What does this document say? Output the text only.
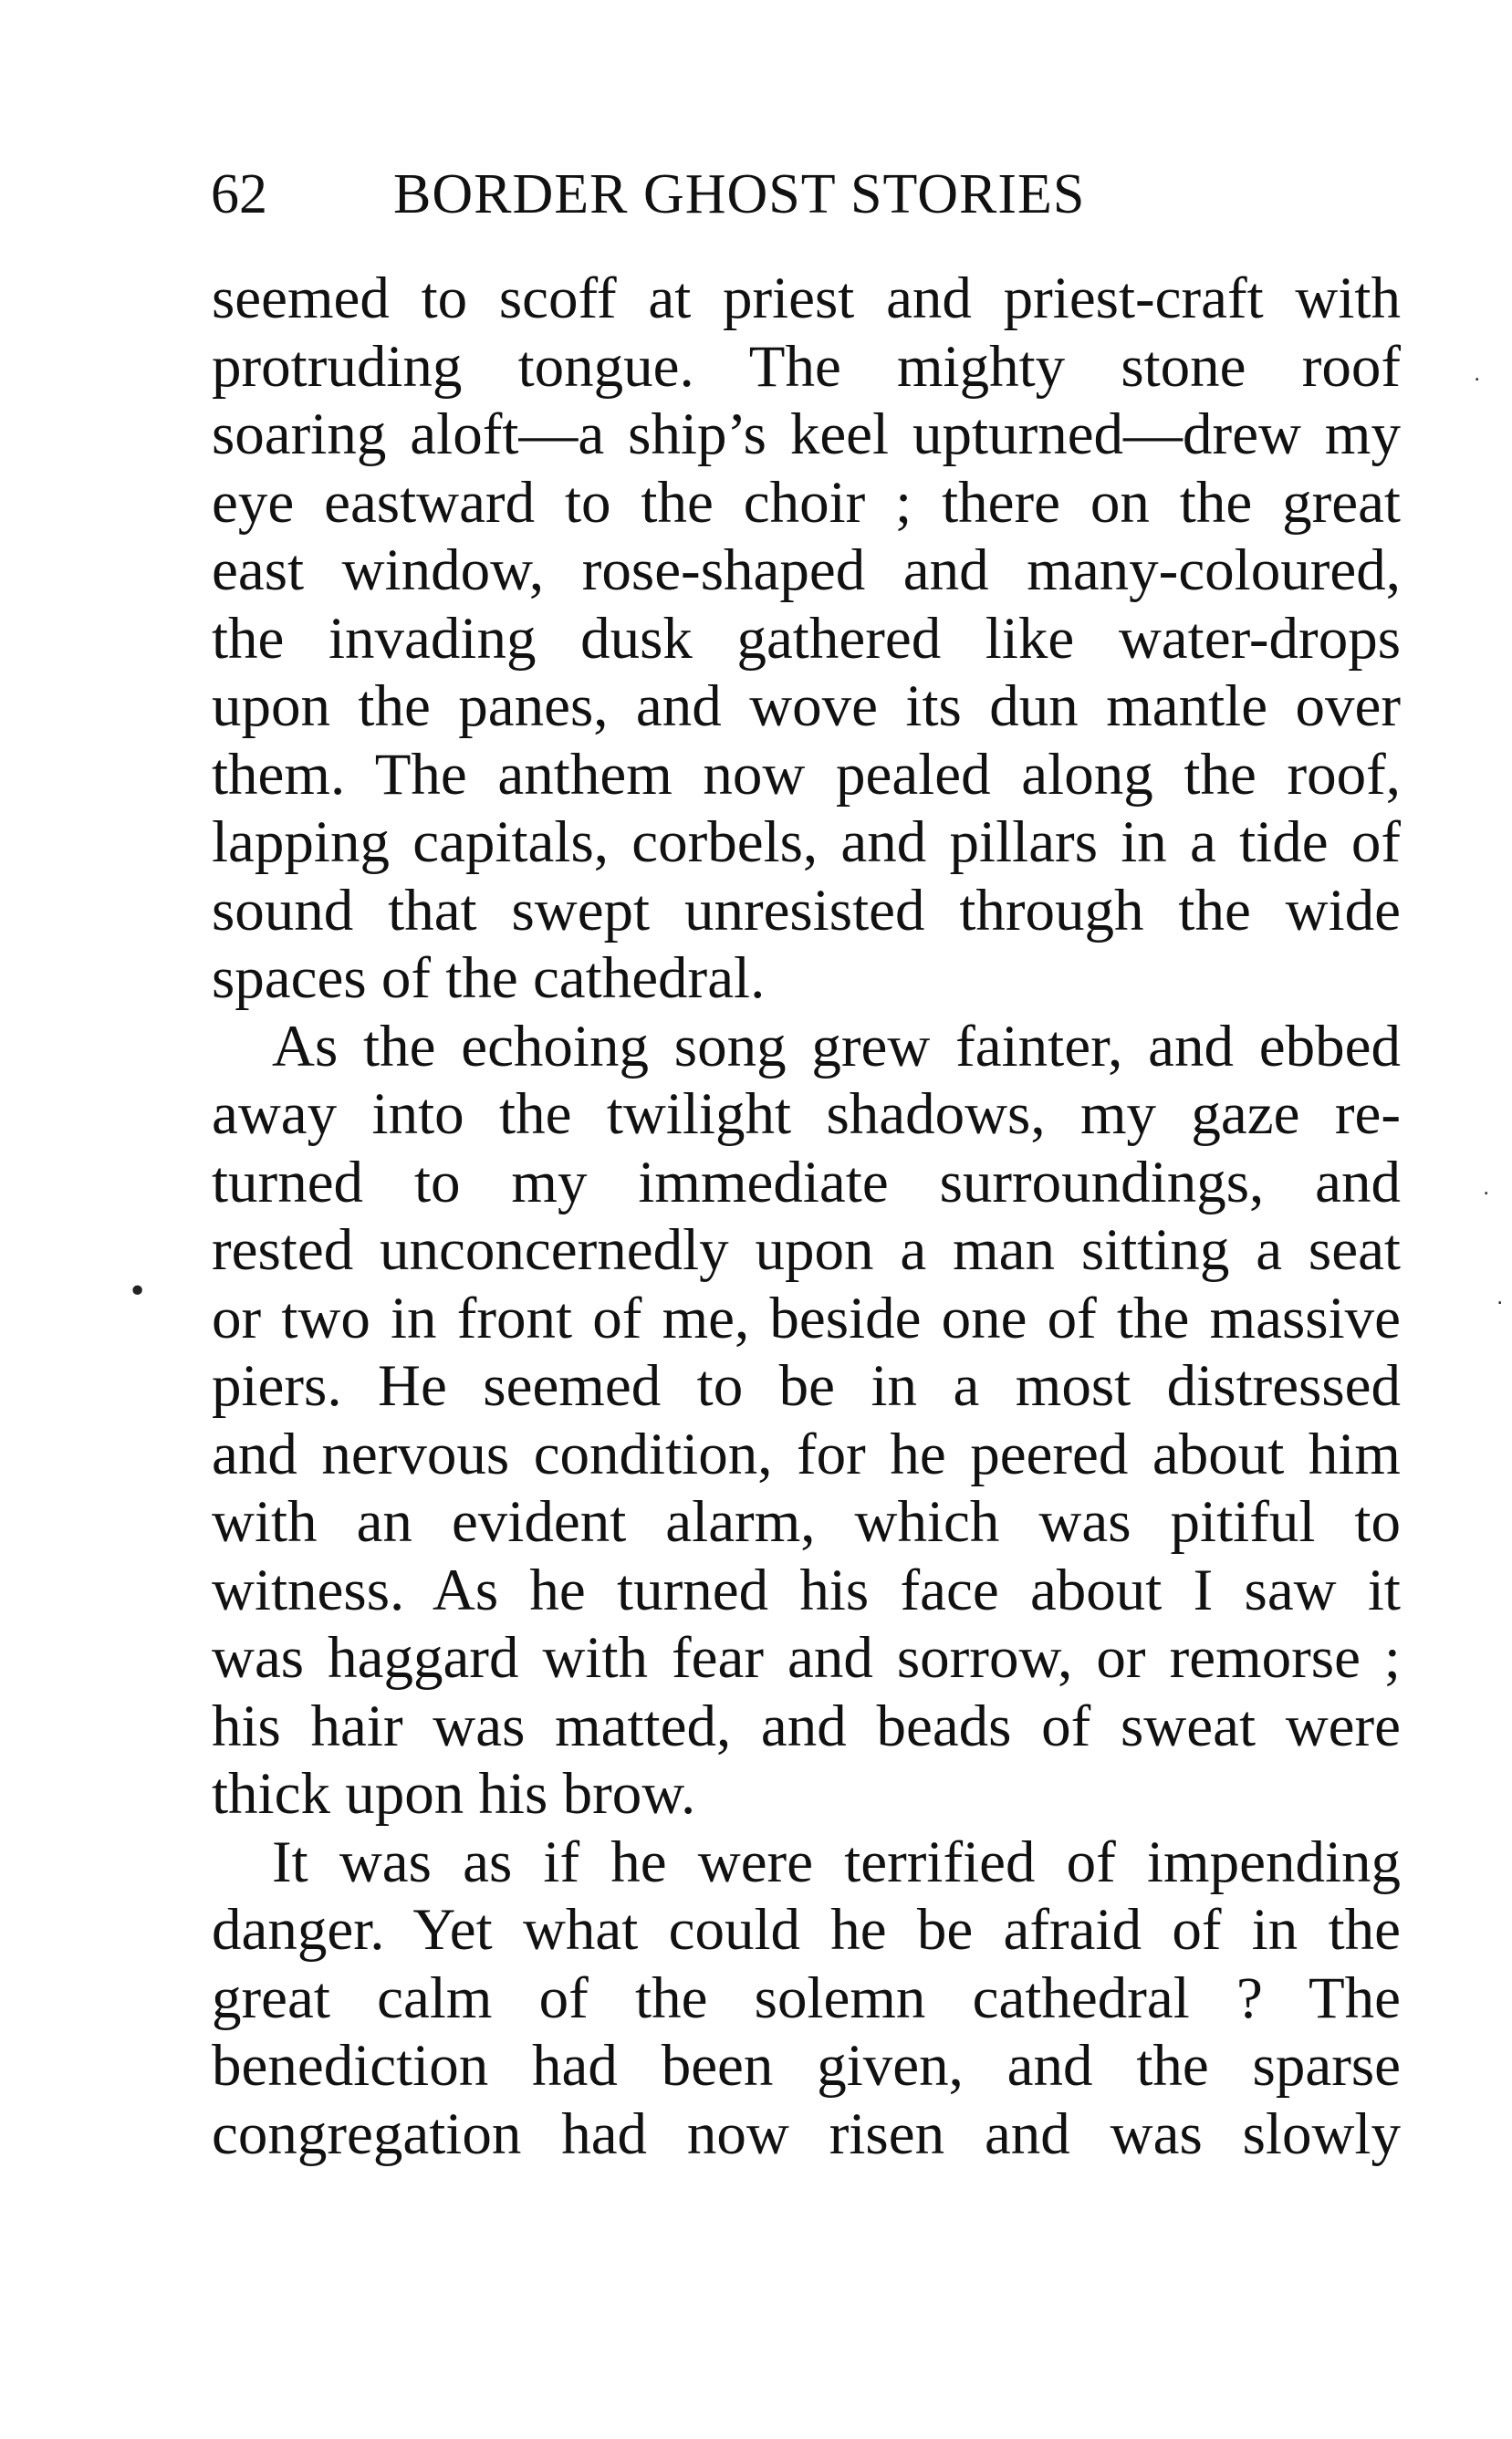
62 BORDER GHOST STORIES
seemed to scoff at priest and priest-craft with
protruding tongue. The mighty stone roof
soaring aloft—a ship’s keel upturned—drew my
eye eastward to the choir ; there on the great
east window, rose-shaped and many-coloured,
the invading dusk gathered like water-drops
upon the panes, and wove its dun mantle over
them. The anthem now pealed along the roof,
lapping capitals, corbels, and pillars in a tide of
sound that swept unresisted through the wide
spaces of the cathedral.
As the echoing song grew fainter, and ebbed
away into the twilight shadows, my gaze re-
turned to my immediate surroundings, and
rested unconcernedly upon a man sitting a seat
or two in front of me, beside one of the massive
piers. He seemed to be in a most distressed
and nervous condition, for he peered about him
with an evident alarm, which was pitiful to
witness. As he turned his face about I saw it
was haggard with fear and sorrow, or remorse ;
his hair was matted, and beads of sweat were
thick upon his brow.
It was as if he were terrified of impending
danger. Yet what could he be afraid of in the
great calm of the solemn cathedral ? The
benediction had been given, and the sparse
congregation had now risen and was slowly
․
․
•	․
